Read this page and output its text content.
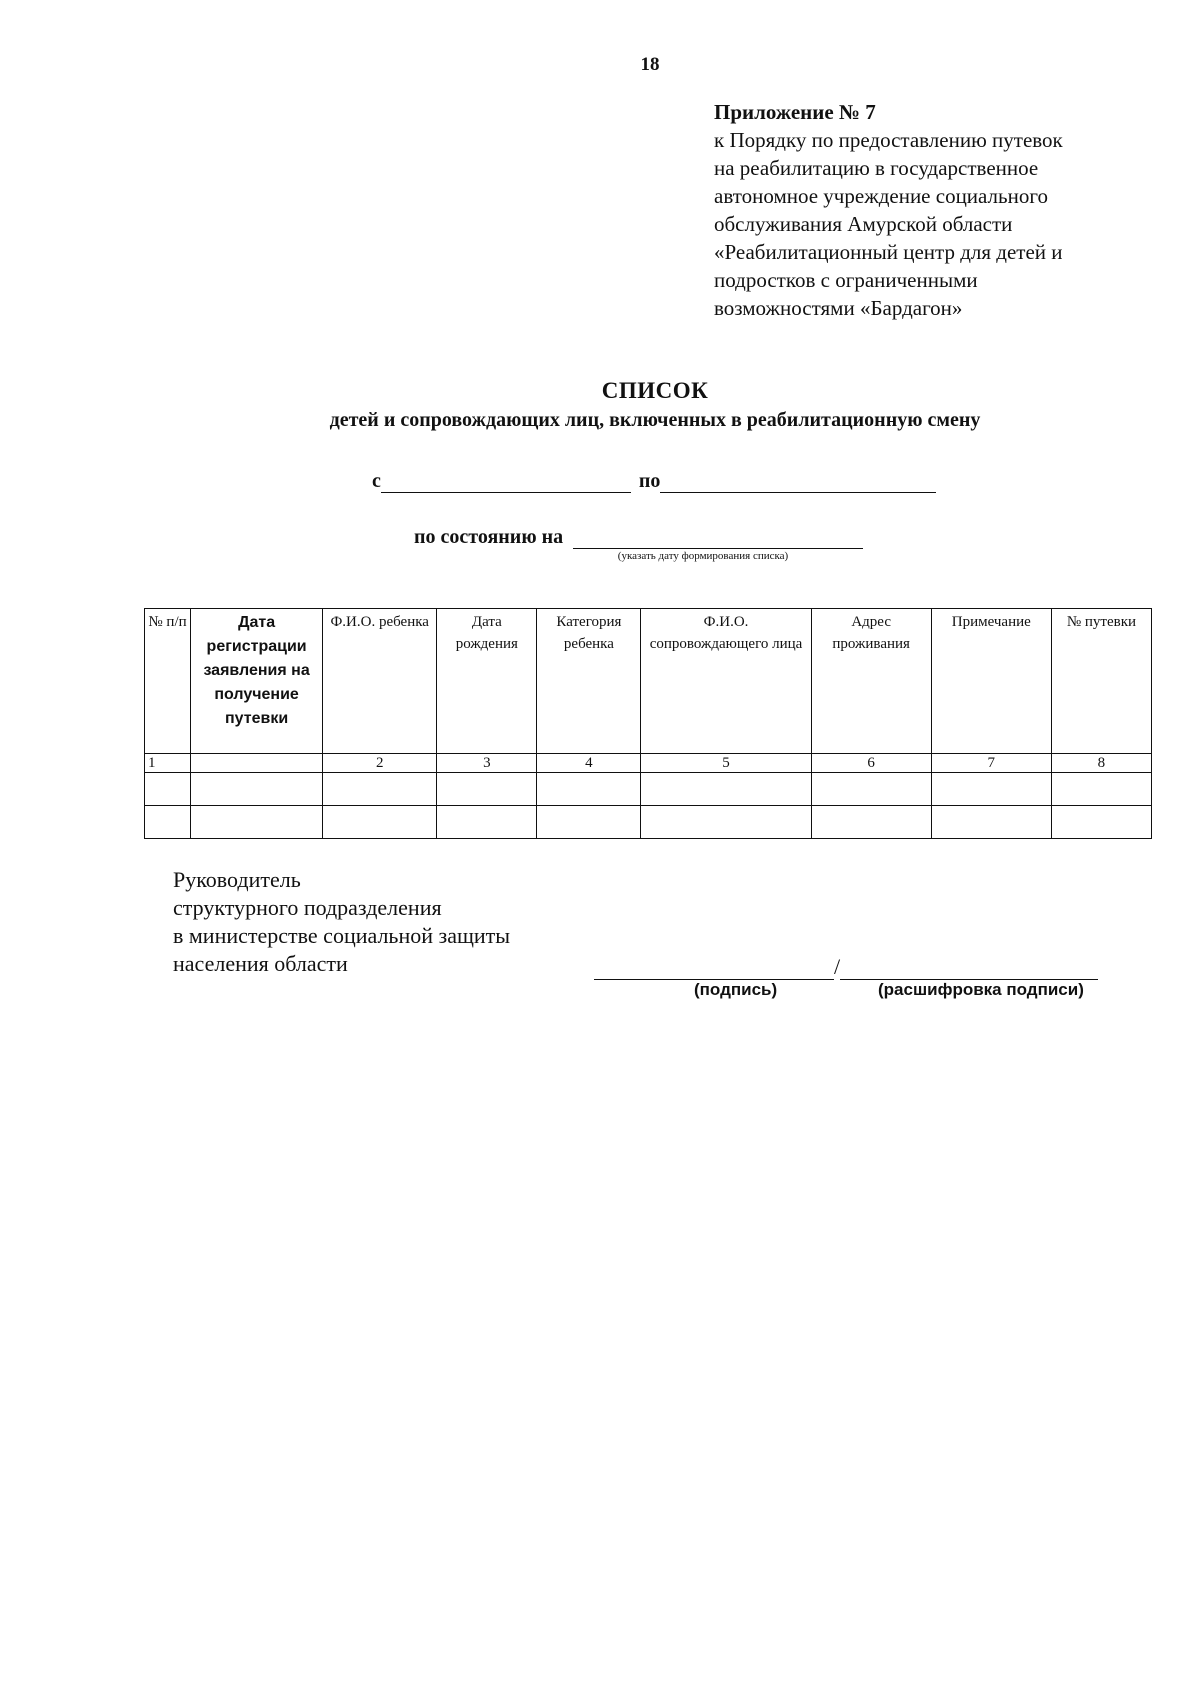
18
Приложение № 7
к Порядку по предоставлению путевок
на реабилитацию в государственное
автономное учреждение социального
обслуживания Амурской области
«Реабилитационный центр для детей и
подростков с ограниченными
возможностями «Бардагон»
СПИСОК
детей и сопровождающих лиц, включенных в реабилитационную смену
с	по
по состоянию на
(указать дату формирования списка)
№ п/п	Дата регистрации заявления на получение путевки	Ф.И.О. ребенка	Дата рождения	Категория ребенка	Ф.И.О. сопровождающего лица	Адрес проживания	Примечание	№ путевки
1		2	3	4	5	6	7	8

Руководитель
структурного подразделения
в министерстве социальной защиты
населения области	/
(подпись)	(расшифровка подписи)
